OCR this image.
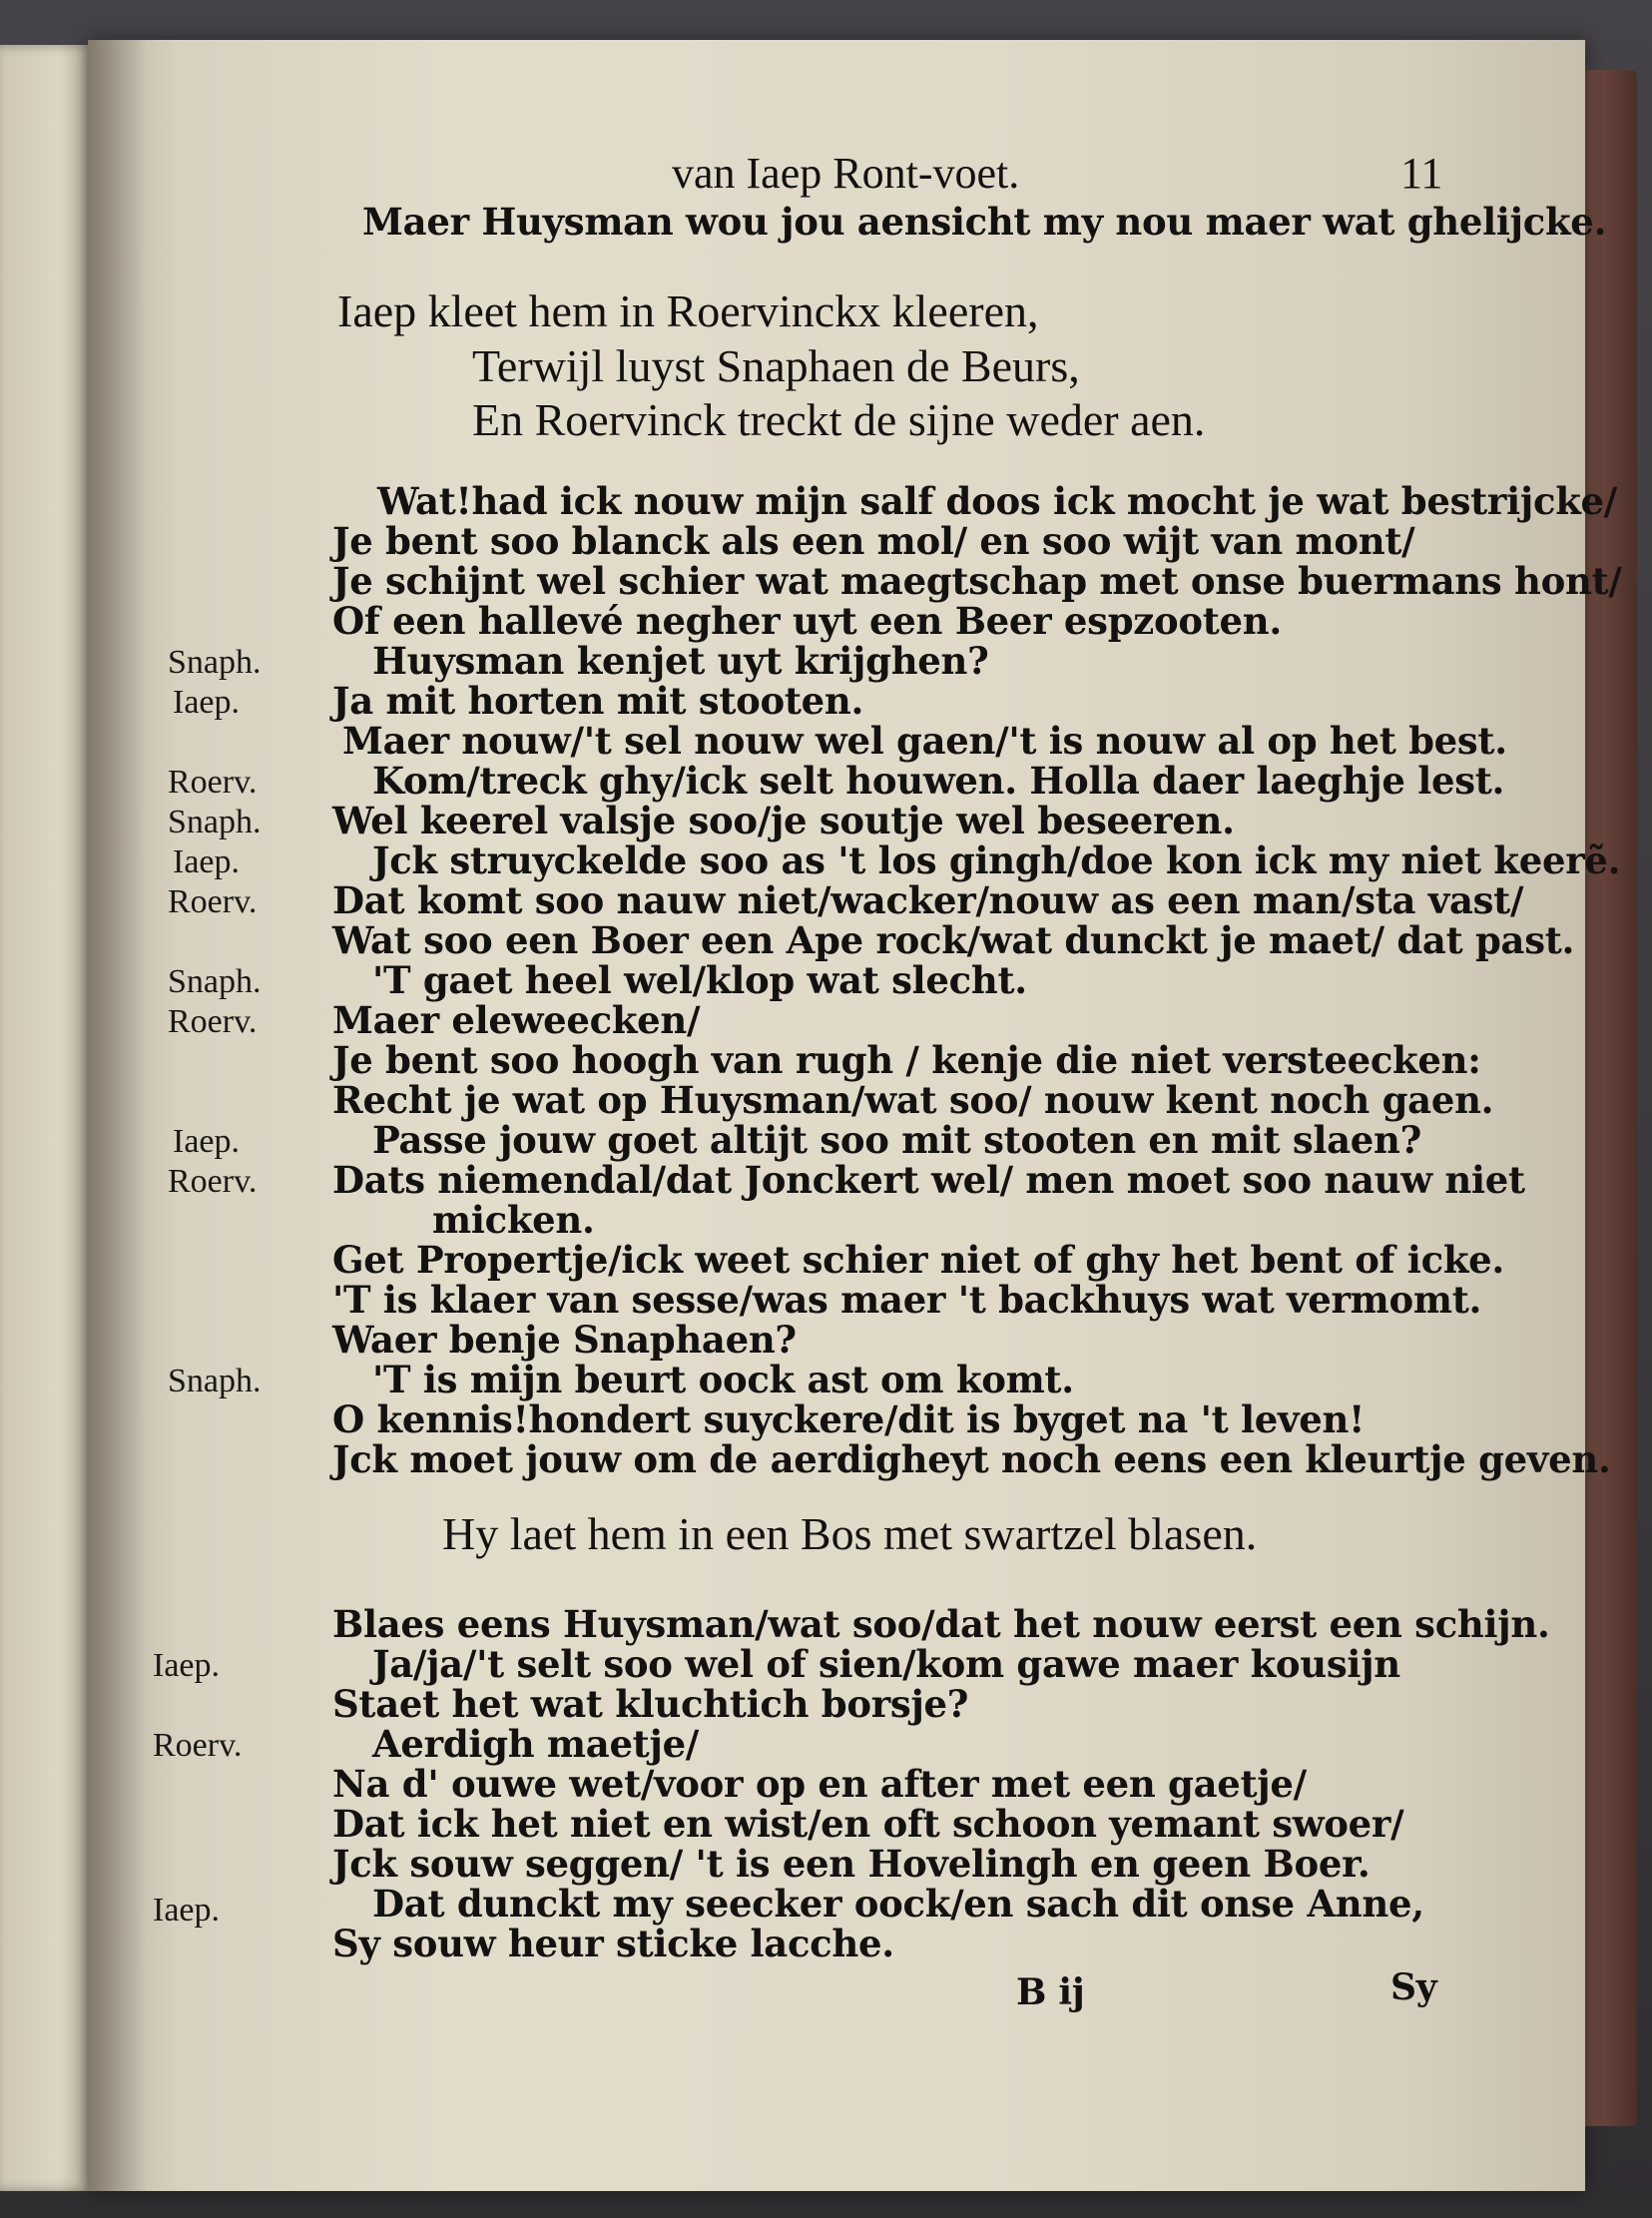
van Iaep Ront-voet.	11
Maer Huysman wou jou aensicht my nou maer wat ghelijcke.
Iaep kleet hem in Roervinckx kleeren,
Terwijl luyst Snaphaen de Beurs,
En Roervinck treckt de sijne weder aen.
Wat!had ick nouw mijn salf doos ick mocht je wat bestrijcke/
Je bent soo blanck als een mol/ en soo wijt van mont/
Je schijnt wel schier wat maegtschap met onse buermans hont/
Of een hallevé negher uyt een Beer espzooten.
Snaph.	Huysman kenjet uyt krijghen?
Iaep.	Ja mit horten mit stooten.
Maer nouw/'t sel nouw wel gaen/'t is nouw al op het best.
Roerv.	Kom/treck ghy/ick selt houwen. Holla daer laeghje lest.
Snaph. Wel keerel valsje soo/je soutje wel beseeren.
Iaep.	Jck struyckelde soo as 't los gingh/doe kon ick my niet keerẽ.
Roerv. Dat komt soo nauw niet/wacker/nouw as een man/sta vast/
Wat soo een Boer een Ape rock/wat dunckt je maet/ dat past.
Snaph.	'T gaet heel wel/klop wat slecht.
Roerv. Maer eleweecken/
Je bent soo hoogh van rugh / kenje die niet versteecken:
Recht je wat op Huysman/wat soo/ nouw kent noch gaen.
Iaep.	Passe jouw goet altijt soo mit stooten en mit slaen?
Roerv. Dats niemendal/dat Jonckert wel/ men moet soo nauw niet
micken.
Get Propertje/ick weet schier niet of ghy het bent of icke.
'T is klaer van sesse/was maer 't backhuys wat vermomt.
Waer benje Snaphaen?
Snaph.	'T is mijn beurt oock ast om komt.
O kennis!hondert suyckere/dit is byget na 't leven!
Jck moet jouw om de aerdigheyt noch eens een kleurtje geven.
Hy laet hem in een Bos met swartzel blasen.
Blaes eens Huysman/wat soo/dat het nouw eerst een schijn.
Iaep.	Ja/ja/'t selt soo wel of sien/kom gawe maer kousijn
Staet het wat kluchtich borsje?
Roerv.	Aerdigh maetje/
Na d' ouwe wet/voor op en after met een gaetje/
Dat ick het niet en wist/en oft schoon yemant swoer/
Jck souw seggen/ 't is een Hovelingh en geen Boer.
Iaep.	Dat dunckt my seecker oock/en sach dit onse Anne,
Sy souw heur sticke lacche.
B ij	Sy
